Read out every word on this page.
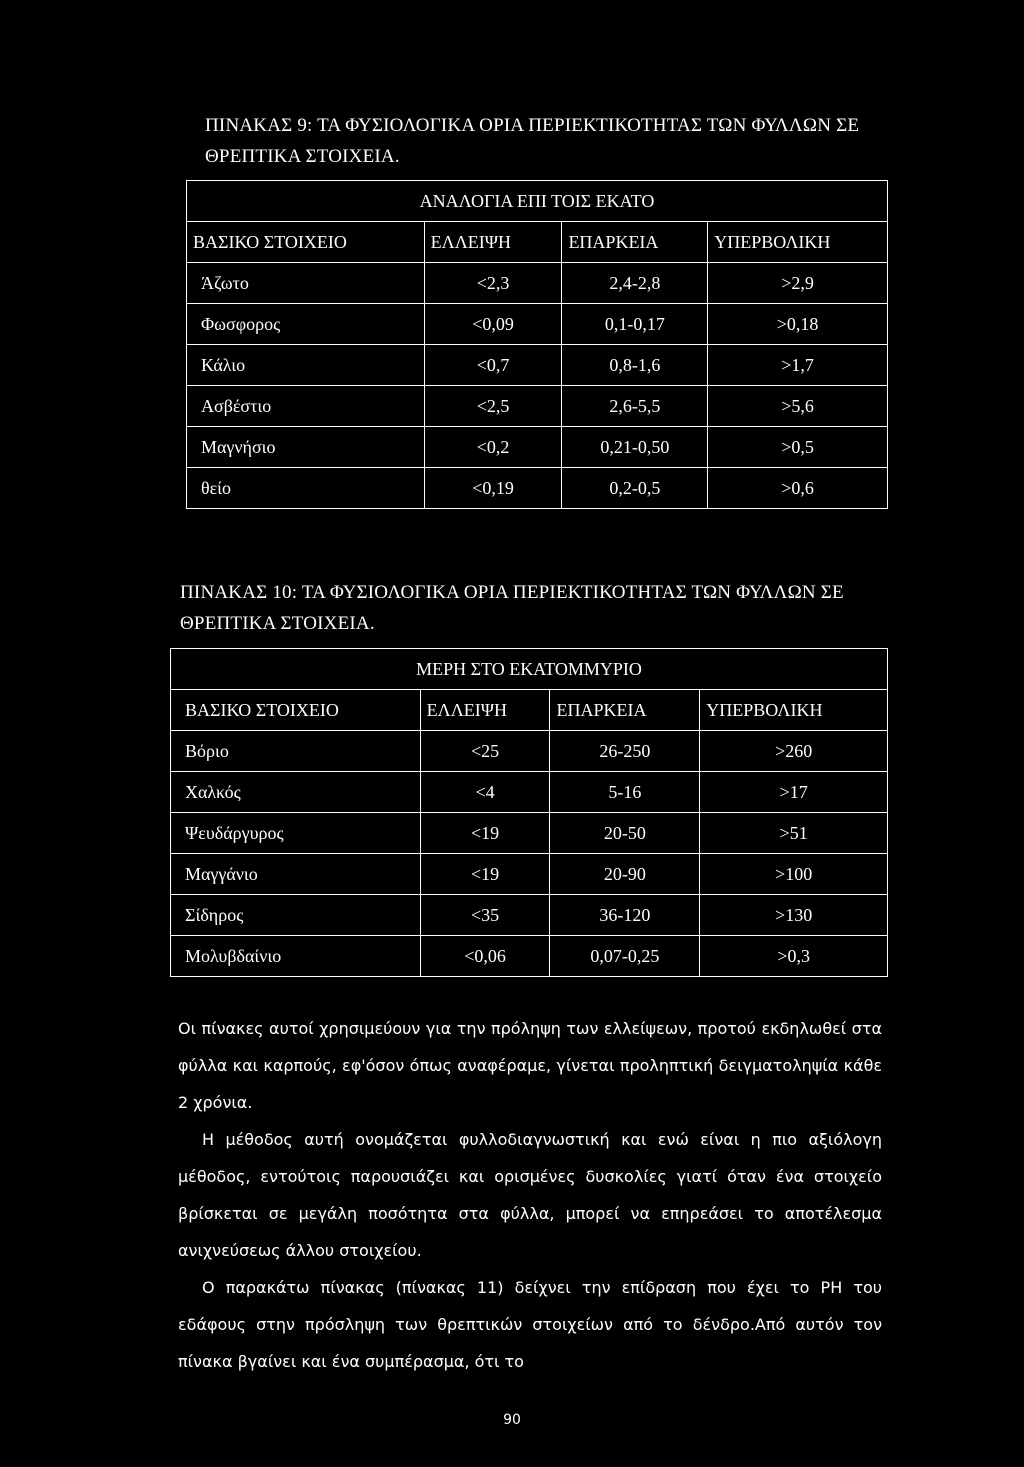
ΠΙΝΑΚΑΣ 9: ΤΑ ΦΥΣΙΟΛΟΓΙΚΑ ΟΡΙΑ ΠΕΡΙΕΚΤΙΚΟΤΗΤΑΣ ΤΩΝ ΦΥΛΛΩΝ ΣΕ ΘΡΕΠΤΙΚΑ ΣΤΟΙΧΕΙΑ.
ΑΝΑΛΟΓΙΑ ΕΠΙ ΤΟΙΣ ΕΚΑΤΟ			
ΒΑΣΙΚΟ ΣΤΟΙΧΕΙΟ	ΕΛΛΕΙΨΗ	ΕΠΑΡΚΕΙΑ	ΥΠΕΡΒΟΛΙΚΗ
Άζωτο	<2,3	2,4-2,8	>2,9
Φωσφορος	<0,09	0,1-0,17	>0,18
Κάλιο	<0,7	0,8-1,6	>1,7
Ασβέστιο	<2,5	2,6-5,5	>5,6
Μαγνήσιο	<0,2	0,21-0,50	>0,5
θείο	<0,19	0,2-0,5	>0,6
ΠΙΝΑΚΑΣ 10: ΤΑ ΦΥΣΙΟΛΟΓΙΚΑ ΟΡΙΑ ΠΕΡΙΕΚΤΙΚΟΤΗΤΑΣ ΤΩΝ ΦΥΛΛΩΝ ΣΕ ΘΡΕΠΤΙΚΑ ΣΤΟΙΧΕΙΑ.
ΜΕΡΗ ΣΤΟ ΕΚΑΤΟΜΜΥΡΙΟ			
ΒΑΣΙΚΟ ΣΤΟΙΧΕΙΟ	ΕΛΛΕΙΨΗ	ΕΠΑΡΚΕΙΑ	ΥΠΕΡΒΟΛΙΚΗ
Βόριο	<25	26-250	>260
Χαλκός	<4	5-16	>17
Ψευδάργυρος	<19	20-50	>51
Μαγγάνιο	<19	20-90	>100
Σίδηρος	<35	36-120	>130
Μολυβδαίνιο	<0,06	0,07-0,25	>0,3

Οι πίνακες αυτοί χρησιμεύουν για την πρόληψη των ελλείψεων, προτού εκδηλωθεί στα φύλλα και καρπούς, εφ'όσον όπως αναφέραμε, γίνεται προληπτική δειγματοληψία κάθε 2 χρόνια.

Η μέθοδος αυτή ονομάζεται φυλλοδιαγνωστική και ενώ είναι η πιο αξιόλογη μέθοδος, εντούτοις παρουσιάζει και ορισμένες δυσκολίες γιατί όταν ένα στοιχείο βρίσκεται σε μεγάλη ποσότητα στα φύλλα, μπορεί να επηρεάσει το αποτέλεσμα ανιχνεύσεως άλλου στοιχείου.

Ο παρακάτω πίνακας (πίνακας 11) δείχνει την επίδραση που έχει το PH του εδάφους στην πρόσληψη των θρεπτικών στοιχείων από το δένδρο.Από αυτόν τον πίνακα βγαίνει και ένα συμπέρασμα, ότι το

90
